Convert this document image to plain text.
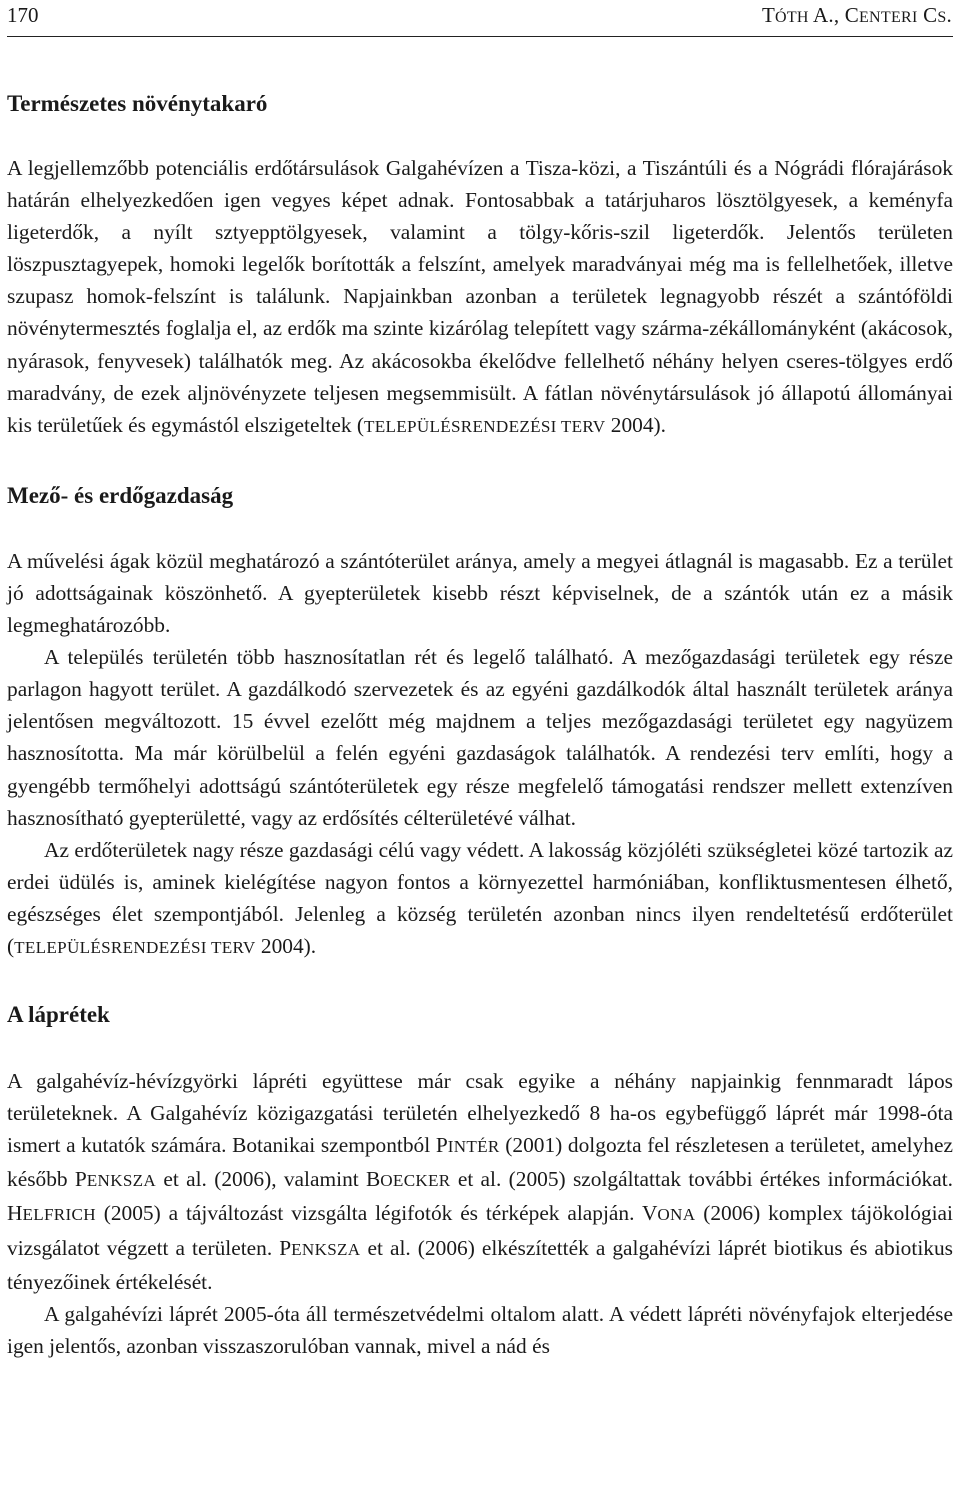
170	TÓTH A., CENTERI CS.
Természetes növénytakaró

A legjellemzőbb potenciális erdőtársulások Galgahévízen a Tisza-közi, a Tiszántúli és a Nógrádi flórajárások határán elhelyezkedően igen vegyes képet adnak. Fontosabbak a tatárjuharos lösztölgyesek, a keményfa ligeterdők, a nyílt sztyepptölgyesek, valamint a tölgy-kőris-szil ligeterdők. Jelentős területen löszpusztagyepek, homoki legelők borították a felszínt, amelyek maradványai még ma is fellelhetőek, illetve szupasz homok-felszínt is találunk. Napjainkban azonban a területek legnagyobb részét a szántóföldi növénytermesztés foglalja el, az erdők ma szinte kizárólag telepített vagy szárma-zékállományként (akácosok, nyárasok, fenyvesek) találhatók meg. Az akácosokba ékelődve fellelhető néhány helyen cseres-tölgyes erdő maradvány, de ezek aljnövényzete teljesen megsemmisült. A fátlan növénytársulások jó állapotú állományai kis területűek és egymástól elszigeteltek (TELEPÜLÉSRENDEZÉSI TERV 2004).

Mező- és erdőgazdaság

A művelési ágak közül meghatározó a szántóterület aránya, amely a megyei átlagnál is magasabb. Ez a terület jó adottságainak köszönhető. A gyepterületek kisebb részt képviselnek, de a szántók után ez a másik legmeghatározóbb.

A település területén több hasznosítatlan rét és legelő található. A mezőgazdasági területek egy része parlagon hagyott terület. A gazdálkodó szervezetek és az egyéni gazdálkodók által használt területek aránya jelentősen megváltozott. 15 évvel ezelőtt még majdnem a teljes mezőgazdasági területet egy nagyüzem hasznosította. Ma már körülbelül a felén egyéni gazdaságok találhatók. A rendezési terv említi, hogy a gyengébb termőhelyi adottságú szántóterületek egy része megfelelő támogatási rendszer mellett extenzíven hasznosítható gyepterületté, vagy az erdősítés célterületévé válhat.

Az erdőterületek nagy része gazdasági célú vagy védett. A lakosság közjóléti szükségletei közé tartozik az erdei üdülés is, aminek kielégítése nagyon fontos a környezettel harmóniában, konfliktusmentesen élhető, egészséges élet szempontjából. Jelenleg a község területén azonban nincs ilyen rendeltetésű erdőterület (TELEPÜLÉSRENDEZÉSI TERV 2004).

A láprétek

A galgahévíz-hévízgyörki lápréti együttese már csak egyike a néhány napjainkig fennmaradt lápos területeknek. A Galgahévíz közigazgatási területén elhelyezkedő 8 ha-os egybefüggő láprét már 1998-óta ismert a kutatók számára. Botanikai szempontból PINTÉR (2001) dolgozta fel részletesen a területet, amelyhez később PENKSZA et al. (2006), valamint BOECKER et al. (2005) szolgáltattak további értékes információkat. HELFRICH (2005) a tájváltozást vizsgálta légifotók és térképek alapján. VONA (2006) komplex tájökológiai vizsgálatot végzett a területen. PENKSZA et al. (2006) elkészítették a galgahévízi láprét biotikus és abiotikus tényezőinek értékelését.

A galgahévízi láprét 2005-óta áll természetvédelmi oltalom alatt. A védett lápréti növényfajok elterjedése igen jelentős, azonban visszaszorulóban vannak, mivel a nád és
